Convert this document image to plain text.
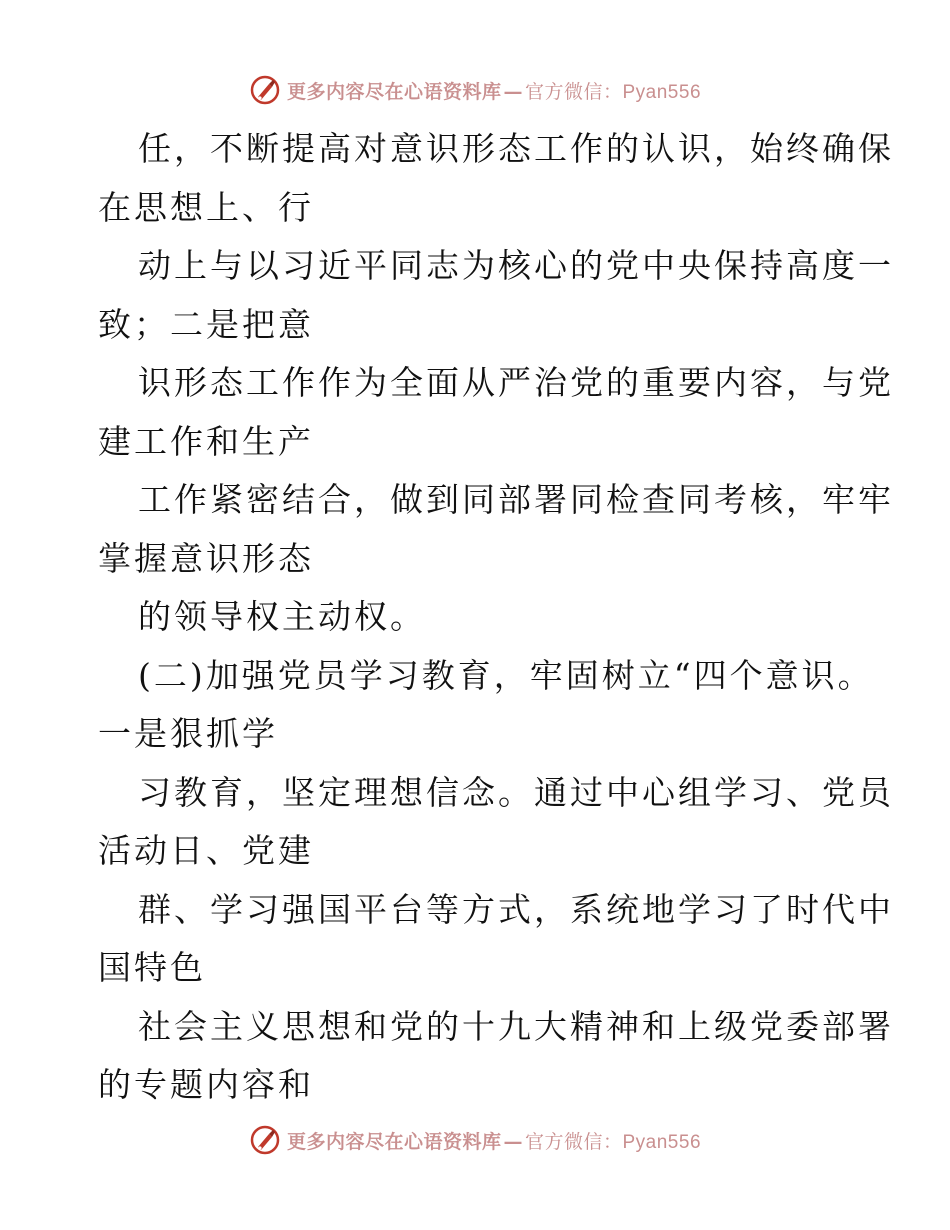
更多内容尽在心语资料库 — 官方微信：Pyan556
任，不断提高对意识形态工作的认识，始终确保
在思想上、行
动上与以习近平同志为核心的党中央保持高度一
致；二是把意
识形态工作作为全面从严治党的重要内容，与党
建工作和生产
工作紧密结合，做到同部署同检查同考核，牢牢
掌握意识形态
的领导权主动权。
(二)加强党员学习教育，牢固树立“四个意识。
一是狠抓学
习教育，坚定理想信念。通过中心组学习、党员
活动日、党建
群、学习强国平台等方式，系统地学习了时代中
国特色
社会主义思想和党的十九大精神和上级党委部署
的专题内容和
更多内容尽在心语资料库 — 官方微信：Pyan556
